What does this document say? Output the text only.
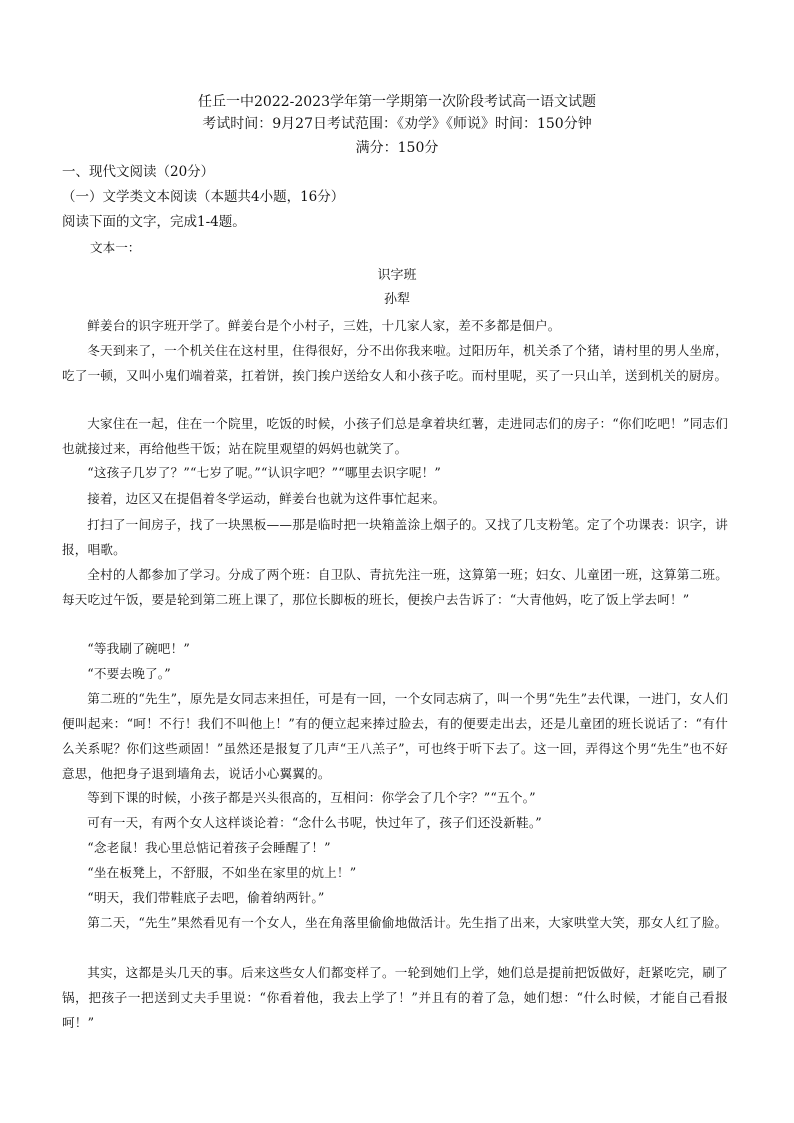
任丘一中2022-2023学年第一学期第一次阶段考试高一语文试题
考试时间：9月27日考试范围：《劝学》《师说》时间：150分钟
满分：150分
一、现代文阅读（20分）
（一）文学类文本阅读（本题共4小题，16分）
阅读下面的文字，完成1-4题。
文本一：
识字班
孙犁
鲜姜台的识字班开学了。鲜姜台是个小村子，三姓，十几家人家，差不多都是佃户。
冬天到来了，一个机关住在这村里，住得很好，分不出你我来啦。过阳历年，机关杀了个猪，请村里的男人坐席，吃了一顿，又叫小鬼们端着菜，扛着饼，挨门挨户送给女人和小孩子吃。而村里呢，买了一只山羊，送到机关的厨房。
大家住在一起，住在一个院里，吃饭的时候，小孩子们总是拿着块红薯，走进同志们的房子：“你们吃吧！”同志们也就接过来，再给他些干饭；站在院里观望的妈妈也就笑了。
“这孩子几岁了？”“七岁了呢。”“认识字吧？”“哪里去识字呢！”
接着，边区又在提倡着冬学运动，鲜姜台也就为这件事忙起来。
打扫了一间房子，找了一块黑板——那是临时把一块箱盖涂上烟子的。又找了几支粉笔。定了个功课表：识字，讲报，唱歌。
全村的人都参加了学习。分成了两个班：自卫队、青抗先注一班，这算第一班；妇女、儿童团一班，这算第二班。每天吃过午饭，要是轮到第二班上课了，那位长脚板的班长，便挨户去告诉了：“大青他妈，吃了饭上学去呵！”
“等我刷了碗吧！”
“不要去晚了。”
第二班的“先生”，原先是女同志来担任，可是有一回，一个女同志病了，叫一个男“先生”去代课，一进门，女人们便叫起来：“呵！不行！我们不叫他上！”有的便立起来捧过脸去，有的便要走出去，还是儿童团的班长说话了：“有什么关系呢？你们这些顽固！”虽然还是报复了几声“王八羔子”，可也终于听下去了。这一回，弄得这个男“先生”也不好意思，他把身子退到墙角去，说话小心翼翼的。
等到下课的时候，小孩子都是兴头很高的，互相问：你学会了几个字？”“五个。”
可有一天，有两个女人这样谈论着：“念什么书呢，快过年了，孩子们还没新鞋。”
“念老鼠！我心里总惦记着孩子会睡醒了！”
“坐在板凳上，不舒服，不如坐在家里的炕上！”
“明天，我们带鞋底子去吧，偷着纳两针。”
第二天，“先生”果然看见有一个女人，坐在角落里偷偷地做活计。先生指了出来，大家哄堂大笑，那女人红了脸。
其实，这都是头几天的事。后来这些女人们都变样了。一轮到她们上学，她们总是提前把饭做好，赶紧吃完，刷了锅，把孩子一把送到丈夫手里说：“你看着他，我去上学了！”并且有的着了急，她们想：“什么时候，才能自己看报呵！”
